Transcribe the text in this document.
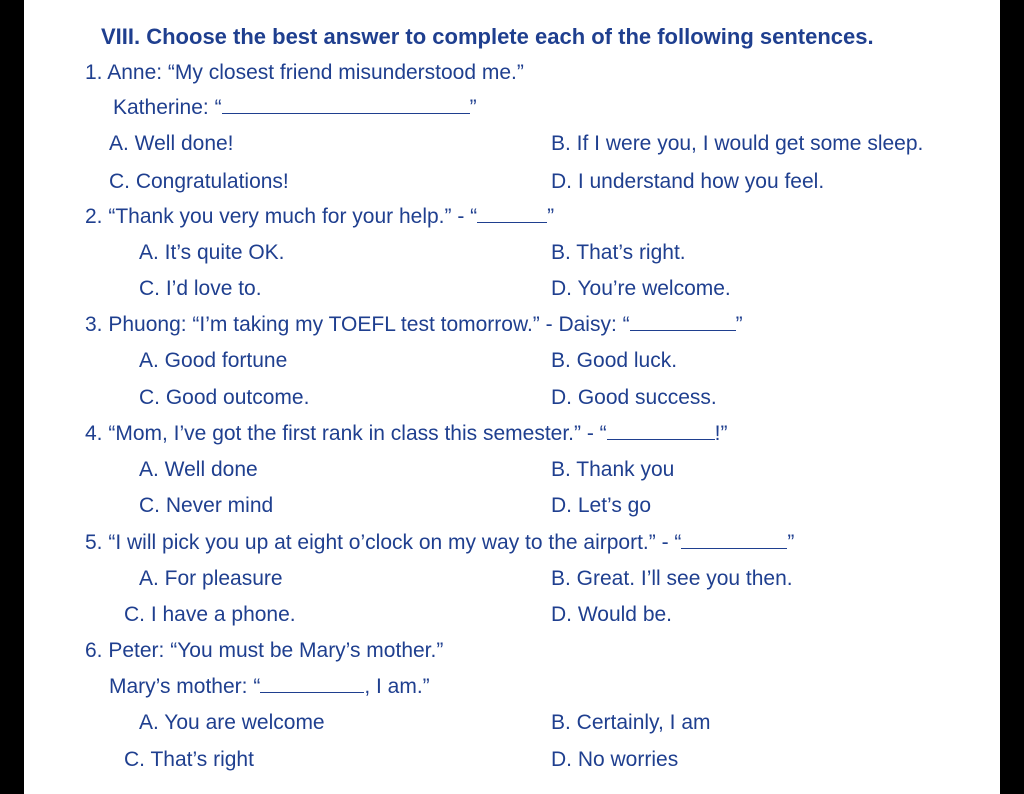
VIII. Choose the best answer to complete each of the following sentences.
1. Anne: “My closest friend misunderstood me.”
Katherine: “	”
A. Well done!	B. If I were you, I would get some sleep.
C. Congratulations!	D. I understand how you feel.
2. “Thank you very much for your help.” - “	”
A. It’s quite OK.	B. That’s right.
C. I’d love to.	D. You’re welcome.
3. Phuong: “I’m taking my TOEFL test tomorrow.” - Daisy: “	”
A. Good fortune	B. Good luck.
C. Good outcome.	D. Good success.
4. “Mom, I’ve got the first rank in class this semester.” - “	!”
A. Well done	B. Thank you
C. Never mind	D. Let’s go
5. “I will pick you up at eight o’clock on my way to the airport.” - “	”
A. For pleasure	B. Great. I’ll see you then.
C. I have a phone.	D. Would be.
6. Peter: “You must be Mary’s mother.”
Mary’s mother: “	, I am.”
A. You are welcome	B. Certainly, I am
C. That’s right	D. No worries
